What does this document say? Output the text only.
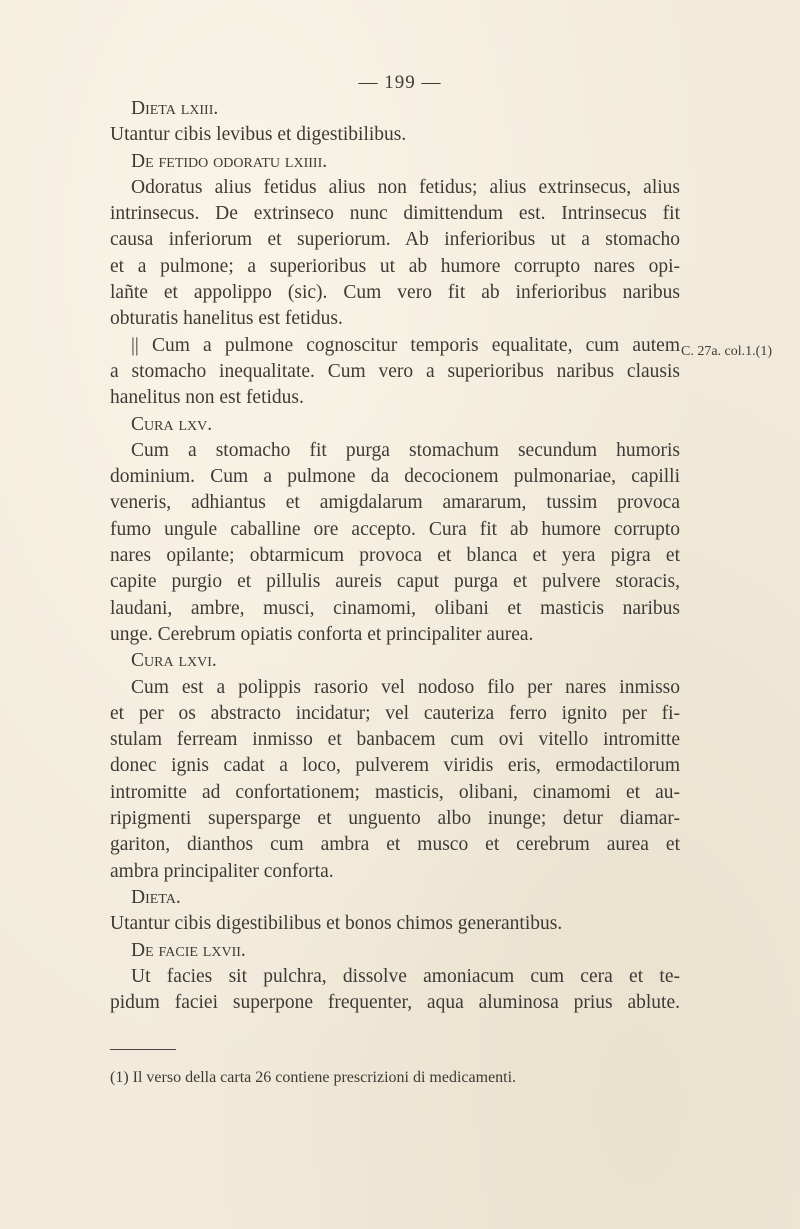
— 199 —
Dieta lxiii.
Utantur cibis levibus et digestibilibus.
De fetido odoratu lxiiii.
Odoratus alius fetidus alius non fetidus; alius extrinsecus, alius
intrinsecus. De extrinseco nunc dimittendum est. Intrinsecus fit
causa inferiorum et superiorum. Ab inferioribus ut a stomacho
et a pulmone; a superioribus ut ab humore corrupto nares opi-
lañte et appolippo (sic). Cum vero fit ab inferioribus naribus
obturatis hanelitus est fetidus.
|| Cum a pulmone cognoscitur temporis equalitate, cum autem
a stomacho inequalitate. Cum vero a superioribus naribus clausis
hanelitus non est fetidus.
Cura lxv.
Cum a stomacho fit purga stomachum secundum humoris
dominium. Cum a pulmone da decocionem pulmonariae, capilli
veneris, adhiantus et amigdalarum amararum, tussim provoca
fumo ungule caballine ore accepto. Cura fit ab humore corrupto
nares opilante; obtarmicum provoca et blanca et yera pigra et
capite purgio et pillulis aureis caput purga et pulvere storacis,
laudani, ambre, musci, cinamomi, olibani et masticis naribus
unge. Cerebrum opiatis conforta et principaliter aurea.
Cura lxvi.
Cum est a polippis rasorio vel nodoso filo per nares inmisso
et per os abstracto incidatur; vel cauteriza ferro ignito per fi-
stulam ferream inmisso et banbacem cum ovi vitello intromitte
donec ignis cadat a loco, pulverem viridis eris, ermodactilorum
intromitte ad confortationem; masticis, olibani, cinamomi et au-
ripigmenti supersparge et unguento albo inunge; detur diamar-
gariton, dianthos cum ambra et musco et cerebrum aurea et
ambra principaliter conforta.
Dieta.
Utantur cibis digestibilibus et bonos chimos generantibus.
De facie lxvii.
Ut facies sit pulchra, dissolve amoniacum cum cera et te-
pidum faciei superpone frequenter, aqua aluminosa prius ablute.
C. 27a. col.1.(1)
(1) Il verso della carta 26 contiene prescrizioni di medicamenti.
